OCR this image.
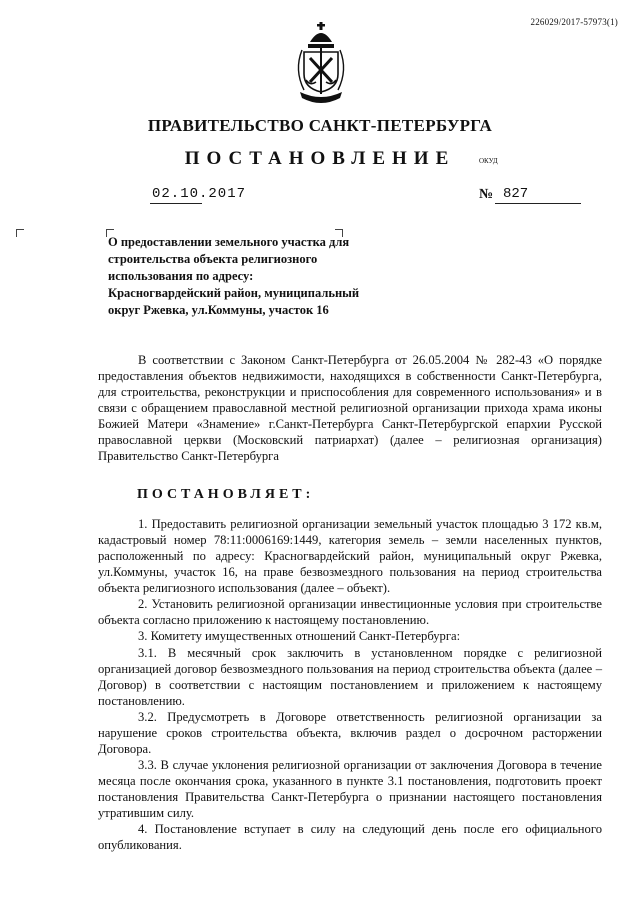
226029/2017-57973(1)
ПРАВИТЕЛЬСТВО САНКТ-ПЕТЕРБУРГА
ПОСТАНОВЛЕНИЕ	ОКУД
02.10.2017	№ 827
О предоставлении земельного участка для строительства объекта религиозного использования по адресу: Красногвардейский район, муниципальный округ Ржевка, ул.Коммуны, участок 16
В соответствии с Законом Санкт-Петербурга от 26.05.2004 № 282-43 «О порядке предоставления объектов недвижимости, находящихся в собственности Санкт-Петербурга, для строительства, реконструкции и приспособления для современного использования» и в связи с обращением православной местной религиозной организации прихода храма иконы Божией Матери «Знамение» г.Санкт-Петербурга Санкт-Петербургской епархии Русской православной церкви (Московский патриархат) (далее – религиозная организация) Правительство Санкт-Петербурга
ПОСТАНОВЛЯЕТ:
1. Предоставить религиозной организации земельный участок площадью 3 172 кв.м, кадастровый номер 78:11:0006169:1449, категория земель – земли населенных пунктов, расположенный по адресу: Красногвардейский район, муниципальный округ Ржевка, ул.Коммуны, участок 16, на праве безвозмездного пользования на период строительства объекта религиозного использования (далее – объект).
2. Установить религиозной организации инвестиционные условия при строительстве объекта согласно приложению к настоящему постановлению.
3. Комитету имущественных отношений Санкт-Петербурга:
3.1. В месячный срок заключить в установленном порядке с религиозной организацией договор безвозмездного пользования на период строительства объекта (далее – Договор) в соответствии с настоящим постановлением и приложением к настоящему постановлению.
3.2. Предусмотреть в Договоре ответственность религиозной организации за нарушение сроков строительства объекта, включив раздел о досрочном расторжении Договора.
3.3. В случае уклонения религиозной организации от заключения Договора в течение месяца после окончания срока, указанного в пункте 3.1 постановления, подготовить проект постановления Правительства Санкт-Петербурга о признании настоящего постановления утратившим силу.
4. Постановление вступает в силу на следующий день после его официального опубликования.
